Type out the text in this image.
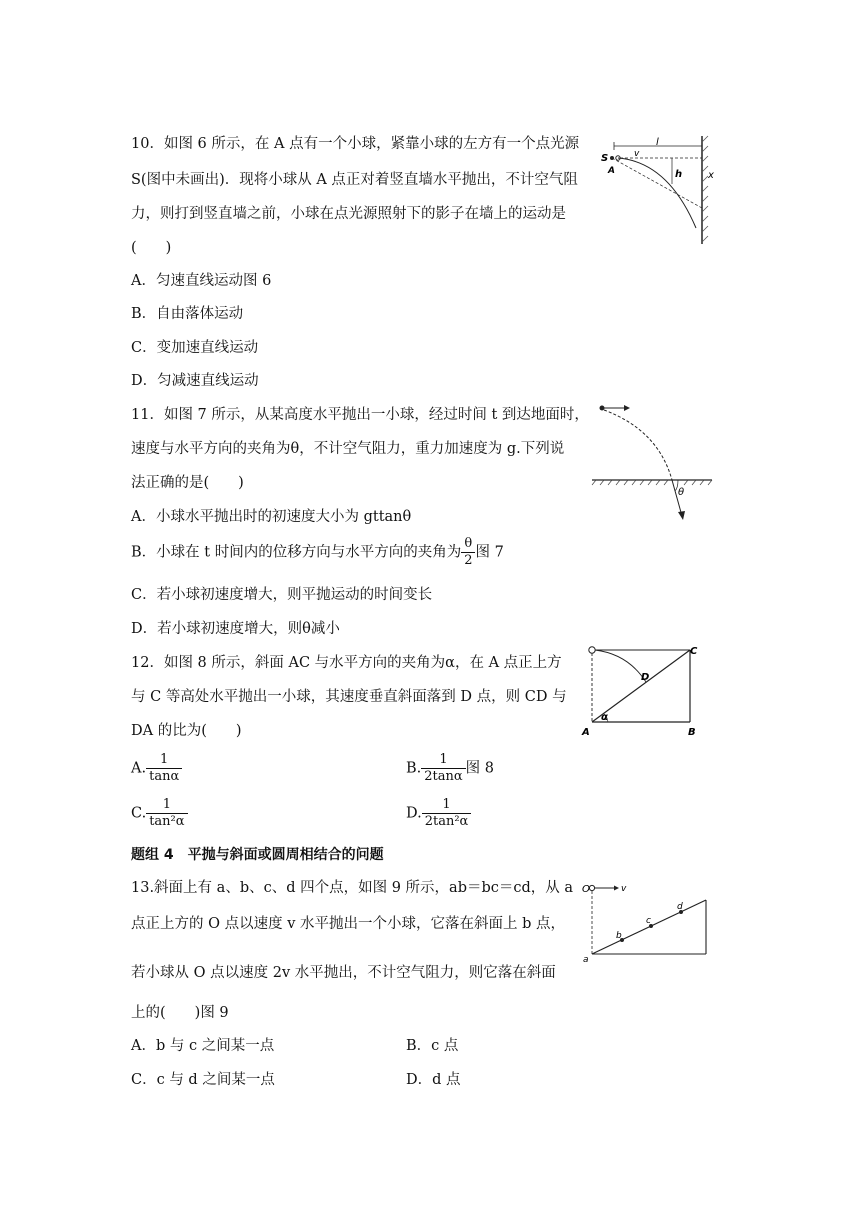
10．如图 6 所示，在 A 点有一个小球，紧靠小球的左方有一个点光源
S(图中未画出)．现将小球从 A 点正对着竖直墙水平抛出，不计空气阻
力，则打到竖直墙之前，小球在点光源照射下的影子在墙上的运动是
(　　)
A．匀速直线运动图 6
B．自由落体运动
C．变加速直线运动
D．匀减速直线运动
l
S
A
v
h	x
11．如图 7 所示，从某高度水平抛出一小球，经过时间 t 到达地面时，
速度与水平方向的夹角为θ，不计空气阻力，重力加速度为 g.下列说
法正确的是(　　)
A．小球水平抛出时的初速度大小为 gttanθ
B．小球在 t 时间内的位移方向与水平方向的夹角为 $\frac{\theta}{2}$ 图 7
C．若小球初速度增大，则平抛运动的时间变长
D．若小球初速度增大，则θ减小
θ
12．如图 8 所示，斜面 AC 与水平方向的夹角为α，在 A 点正上方
与 C 等高处水平抛出一小球，其速度垂直斜面落到 D 点，则 CD 与
DA 的比为(　　)
A. $\frac{1}{\tan\alpha}$	B. $\frac{1}{2\tan\alpha}$ 图 8
C. $\frac{1}{\text{tan²α}}$	D. $\frac{1}{\text{2tan²α}}$
C
D
A	B
α
题组 4　平抛与斜面或圆周相结合的问题
13.斜面上有 a、b、c、d 四个点，如图 9 所示，ab＝bc＝cd，从 a
点正上方的 O 点以速度 v 水平抛出一个小球，它落在斜面上 b 点，
若小球从 O 点以速度 2v 水平抛出，不计空气阻力，则它落在斜面
上的(　　)图 9
A．b 与 c 之间某一点	B．c 点
C．c 与 d 之间某一点	D．d 点
O	v
a
b
c
d
